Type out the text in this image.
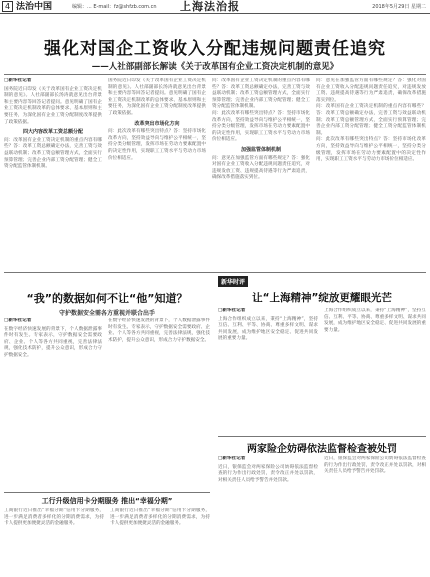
4 法治中国	编辑：... E-mail：fz@shfzb.com.cn 上海法治报	2018年5月29日 星期二
强化对国企工资收入分配违规问题责任追究
——人社部副部长解读《关于改革国有企业工资决定机制的意见》
□新华社记者
国务院近日印发《关于改革国有企业工资决定机制的意见》。人社部副部长汤涛就意见出台背景和主要内容等回答记者提问。意见明确了国有企业工资决定机制改革的总体要求、基本原则和主要任务，为深化国有企业工资分配制度改革提供了政策依据。
四大内容改革工资总额分配
问：改革国有企业工资决定机制的重点内容有哪些？答：改革工资总额确定办法，完善工资与效益联动机制；改革工资总额管理方式，全面实行预算管理；完善企业内部工资分配管理；健全工资分配监管体制机制。
国务院近日印发《关于改革国有企业工资决定机制的意见》。人社部副部长汤涛就意见出台背景和主要内容等回答记者提问。意见明确了国有企业工资决定机制改革的总体要求、基本原则和主要任务，为深化国有企业工资分配制度改革提供了政策依据。
改革突出市场化方向
问：此次改革有哪些突出特点？答：坚持市场化改革方向，坚持效益导向与维护公平相统一，坚持分类分级管理，发挥市场在劳动力要素配置中的决定性作用，实现职工工资水平与劳动力市场价位相适应。
问：改革国有企业工资决定机制的重点内容有哪些？答：改革工资总额确定办法，完善工资与效益联动机制；改革工资总额管理方式，全面实行预算管理；完善企业内部工资分配管理；健全工资分配监管体制机制。
问：此次改革有哪些突出特点？答：坚持市场化改革方向，坚持效益导向与维护公平相统一，坚持分类分级管理，发挥市场在劳动力要素配置中的决定性作用，实现职工工资水平与劳动力市场价位相适应。
加强监管体制机制
问：意见在加强监管方面有哪些规定？答：强化对国有企业工资收入分配违规问题责任追究，对违规发放工资、违规提高待遇等行为严肃追责，确保改革措施落实到位。
问：意见在加强监管方面有哪些规定？答：强化对国有企业工资收入分配违规问题责任追究，对违规发放工资、违规提高待遇等行为严肃追责，确保改革措施落实到位。
问：改革国有企业工资决定机制的重点内容有哪些？答：改革工资总额确定办法，完善工资与效益联动机制；改革工资总额管理方式，全面实行预算管理；完善企业内部工资分配管理；健全工资分配监管体制机制。
问：此次改革有哪些突出特点？答：坚持市场化改革方向，坚持效益导向与维护公平相统一，坚持分类分级管理，发挥市场在劳动力要素配置中的决定性作用，实现职工工资水平与劳动力市场价位相适应。
“我”的数据如何不让“他”知道？
守护数据安全需各方重视并联合出手
□新华社记者
在数字经济快速发展的背景下，个人数据泄露事件时有发生。专家表示，守护数据安全需要政府、企业、个人等各方共同重视，完善法律法规，强化技术防护，提升公众意识，形成合力守护数据安全。
在数字经济快速发展的背景下，个人数据泄露事件时有发生。专家表示，守护数据安全需要政府、企业、个人等各方共同重视，完善法律法规，强化技术防护，提升公众意识，形成合力守护数据安全。
新华时评
让“上海精神”绽放更耀眼光芒
□新华社记者
上海合作组织成立以来，秉持“上海精神”，坚持互信、互利、平等、协商、尊重多样文明、谋求共同发展，成为维护地区安全稳定、促进共同发展的重要力量。
上海合作组织成立以来，秉持“上海精神”，坚持互信、互利、平等、协商、尊重多样文明、谋求共同发展，成为维护地区安全稳定、促进共同发展的重要力量。
两家险企妨碍依法监督检查被处罚
□新华社记者
近日，银保监会对两家保险公司妨碍依法监督检查的行为作出行政处罚，责令改正并处以罚款，对相关责任人员给予警告并处罚款。
近日，银保监会对两家保险公司妨碍依法监督检查的行为作出行政处罚，责令改正并处以罚款，对相关责任人员给予警告并处罚款。
工行升级信用卡分期服务 推出“幸福分期”
工商银行近日推出“幸福分期”信用卡分期服务，进一步满足消费者多样化的分期消费需求，为持卡人提供更加便捷灵活的金融服务。
工商银行近日推出“幸福分期”信用卡分期服务，进一步满足消费者多样化的分期消费需求，为持卡人提供更加便捷灵活的金融服务。
